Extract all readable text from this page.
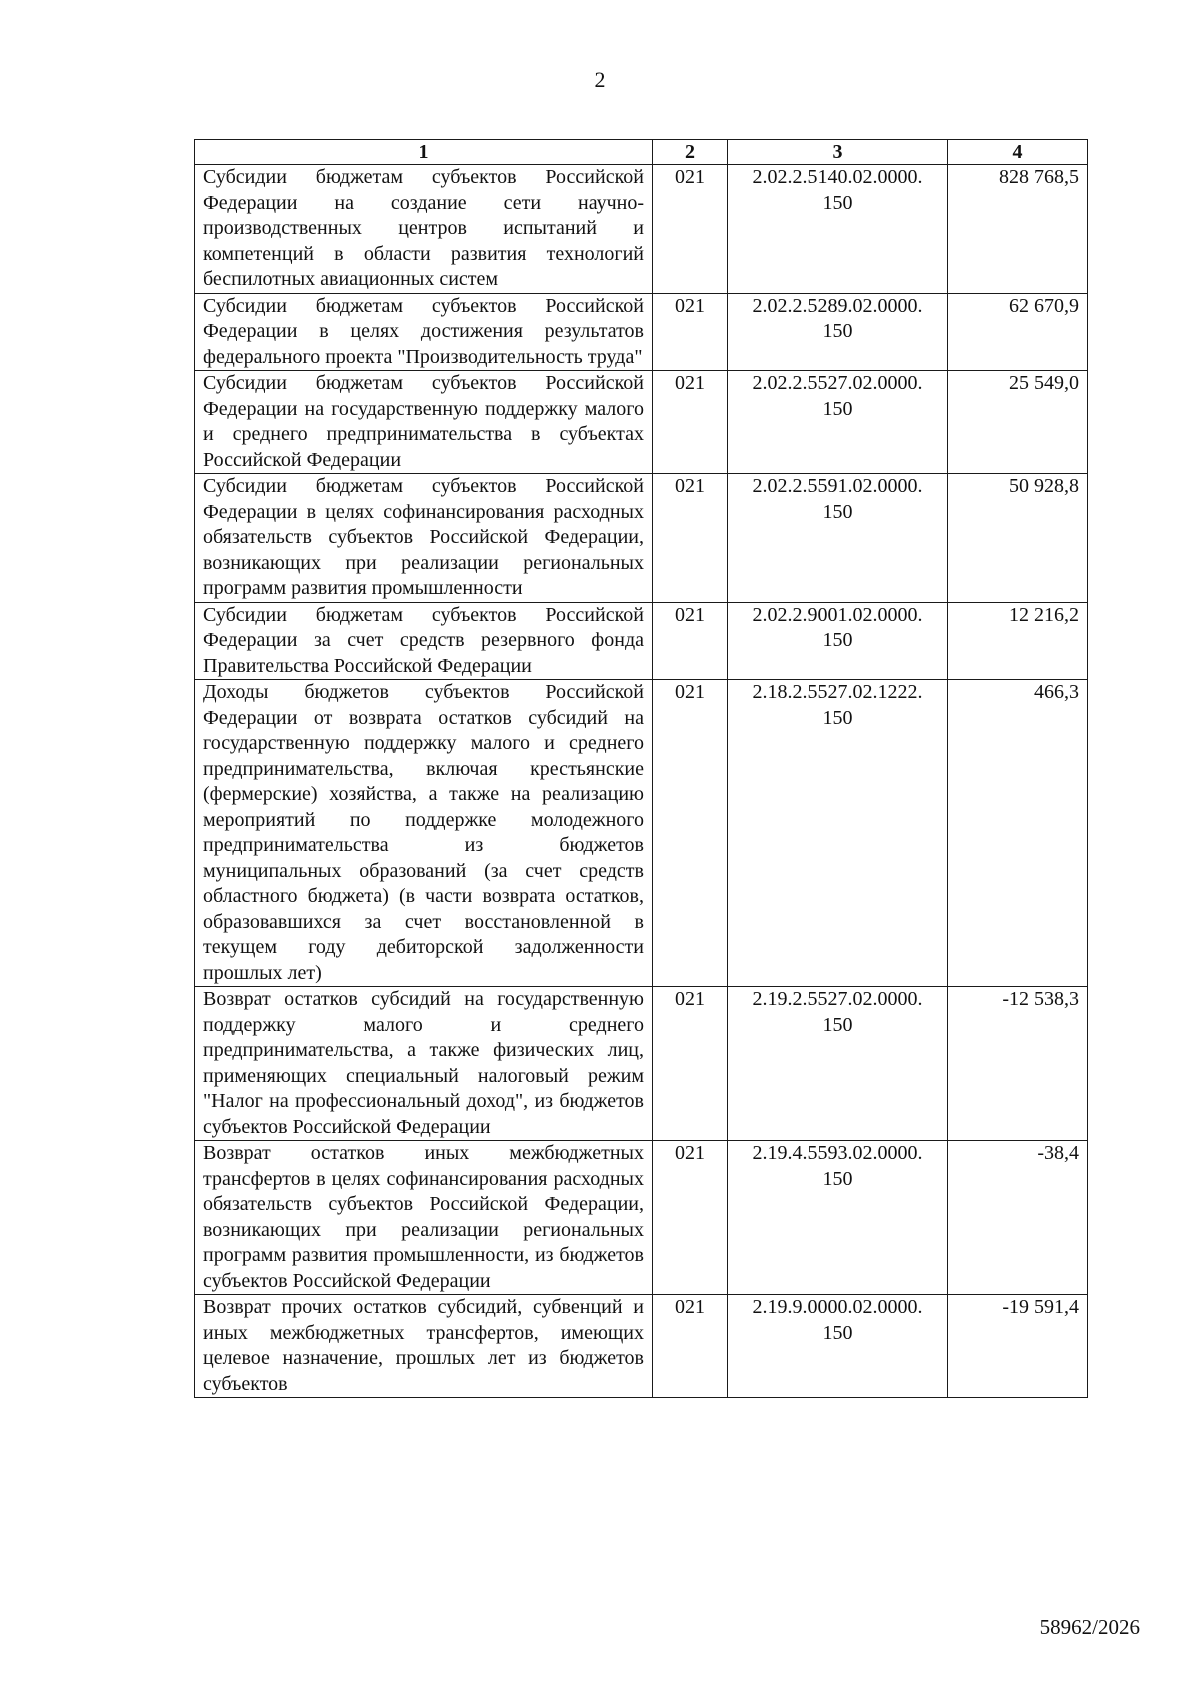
2
1	2	3	4
Субсидии бюджетам субъектов Российской Федерации на создание сети научно-производственных центров испытаний и компетенций в области развития технологий беспилотных авиационных систем	021	2.02.2.5140.02.0000. 150	828 768,5
Субсидии бюджетам субъектов Российской Федерации в целях достижения результатов федерального проекта "Производительность труда"	021	2.02.2.5289.02.0000. 150	62 670,9
Субсидии бюджетам субъектов Российской Федерации на государственную поддержку малого и среднего предпринимательства в субъектах Российской Федерации	021	2.02.2.5527.02.0000. 150	25 549,0
Субсидии бюджетам субъектов Российской Федерации в целях софинансирования расходных обязательств субъектов Российской Федерации, возникающих при реализации региональных программ развития промышленности	021	2.02.2.5591.02.0000. 150	50 928,8
Субсидии бюджетам субъектов Российской Федерации за счет средств резервного фонда Правительства Российской Федерации	021	2.02.2.9001.02.0000. 150	12 216,2
Доходы бюджетов субъектов Российской Федерации от возврата остатков субсидий на государственную поддержку малого и среднего предпринимательства, включая крестьянские (фермерские) хозяйства, а также на реализацию мероприятий по поддержке молодежного предпринимательства из бюджетов муниципальных образований (за счет средств областного бюджета) (в части возврата остатков, образовавшихся за счет восстановленной в текущем году дебиторской задолженности прошлых лет)	021	2.18.2.5527.02.1222. 150	466,3
Возврат остатков субсидий на государственную поддержку малого и среднего предпринимательства, а также физических лиц, применяющих специальный налоговый режим "Налог на профессиональный доход", из бюджетов субъектов Российской Федерации	021	2.19.2.5527.02.0000. 150	-12 538,3
Возврат остатков иных межбюджетных трансфертов в целях софинансирования расходных обязательств субъектов Российской Федерации, возникающих при реализации региональных программ развития промышленности, из бюджетов субъектов Российской Федерации	021	2.19.4.5593.02.0000. 150	-38,4
Возврат прочих остатков субсидий, субвенций и иных межбюджетных трансфертов, имеющих целевое назначение, прошлых лет из бюджетов субъектов	021	2.19.9.0000.02.0000. 150	-19 591,4
58962/2026
